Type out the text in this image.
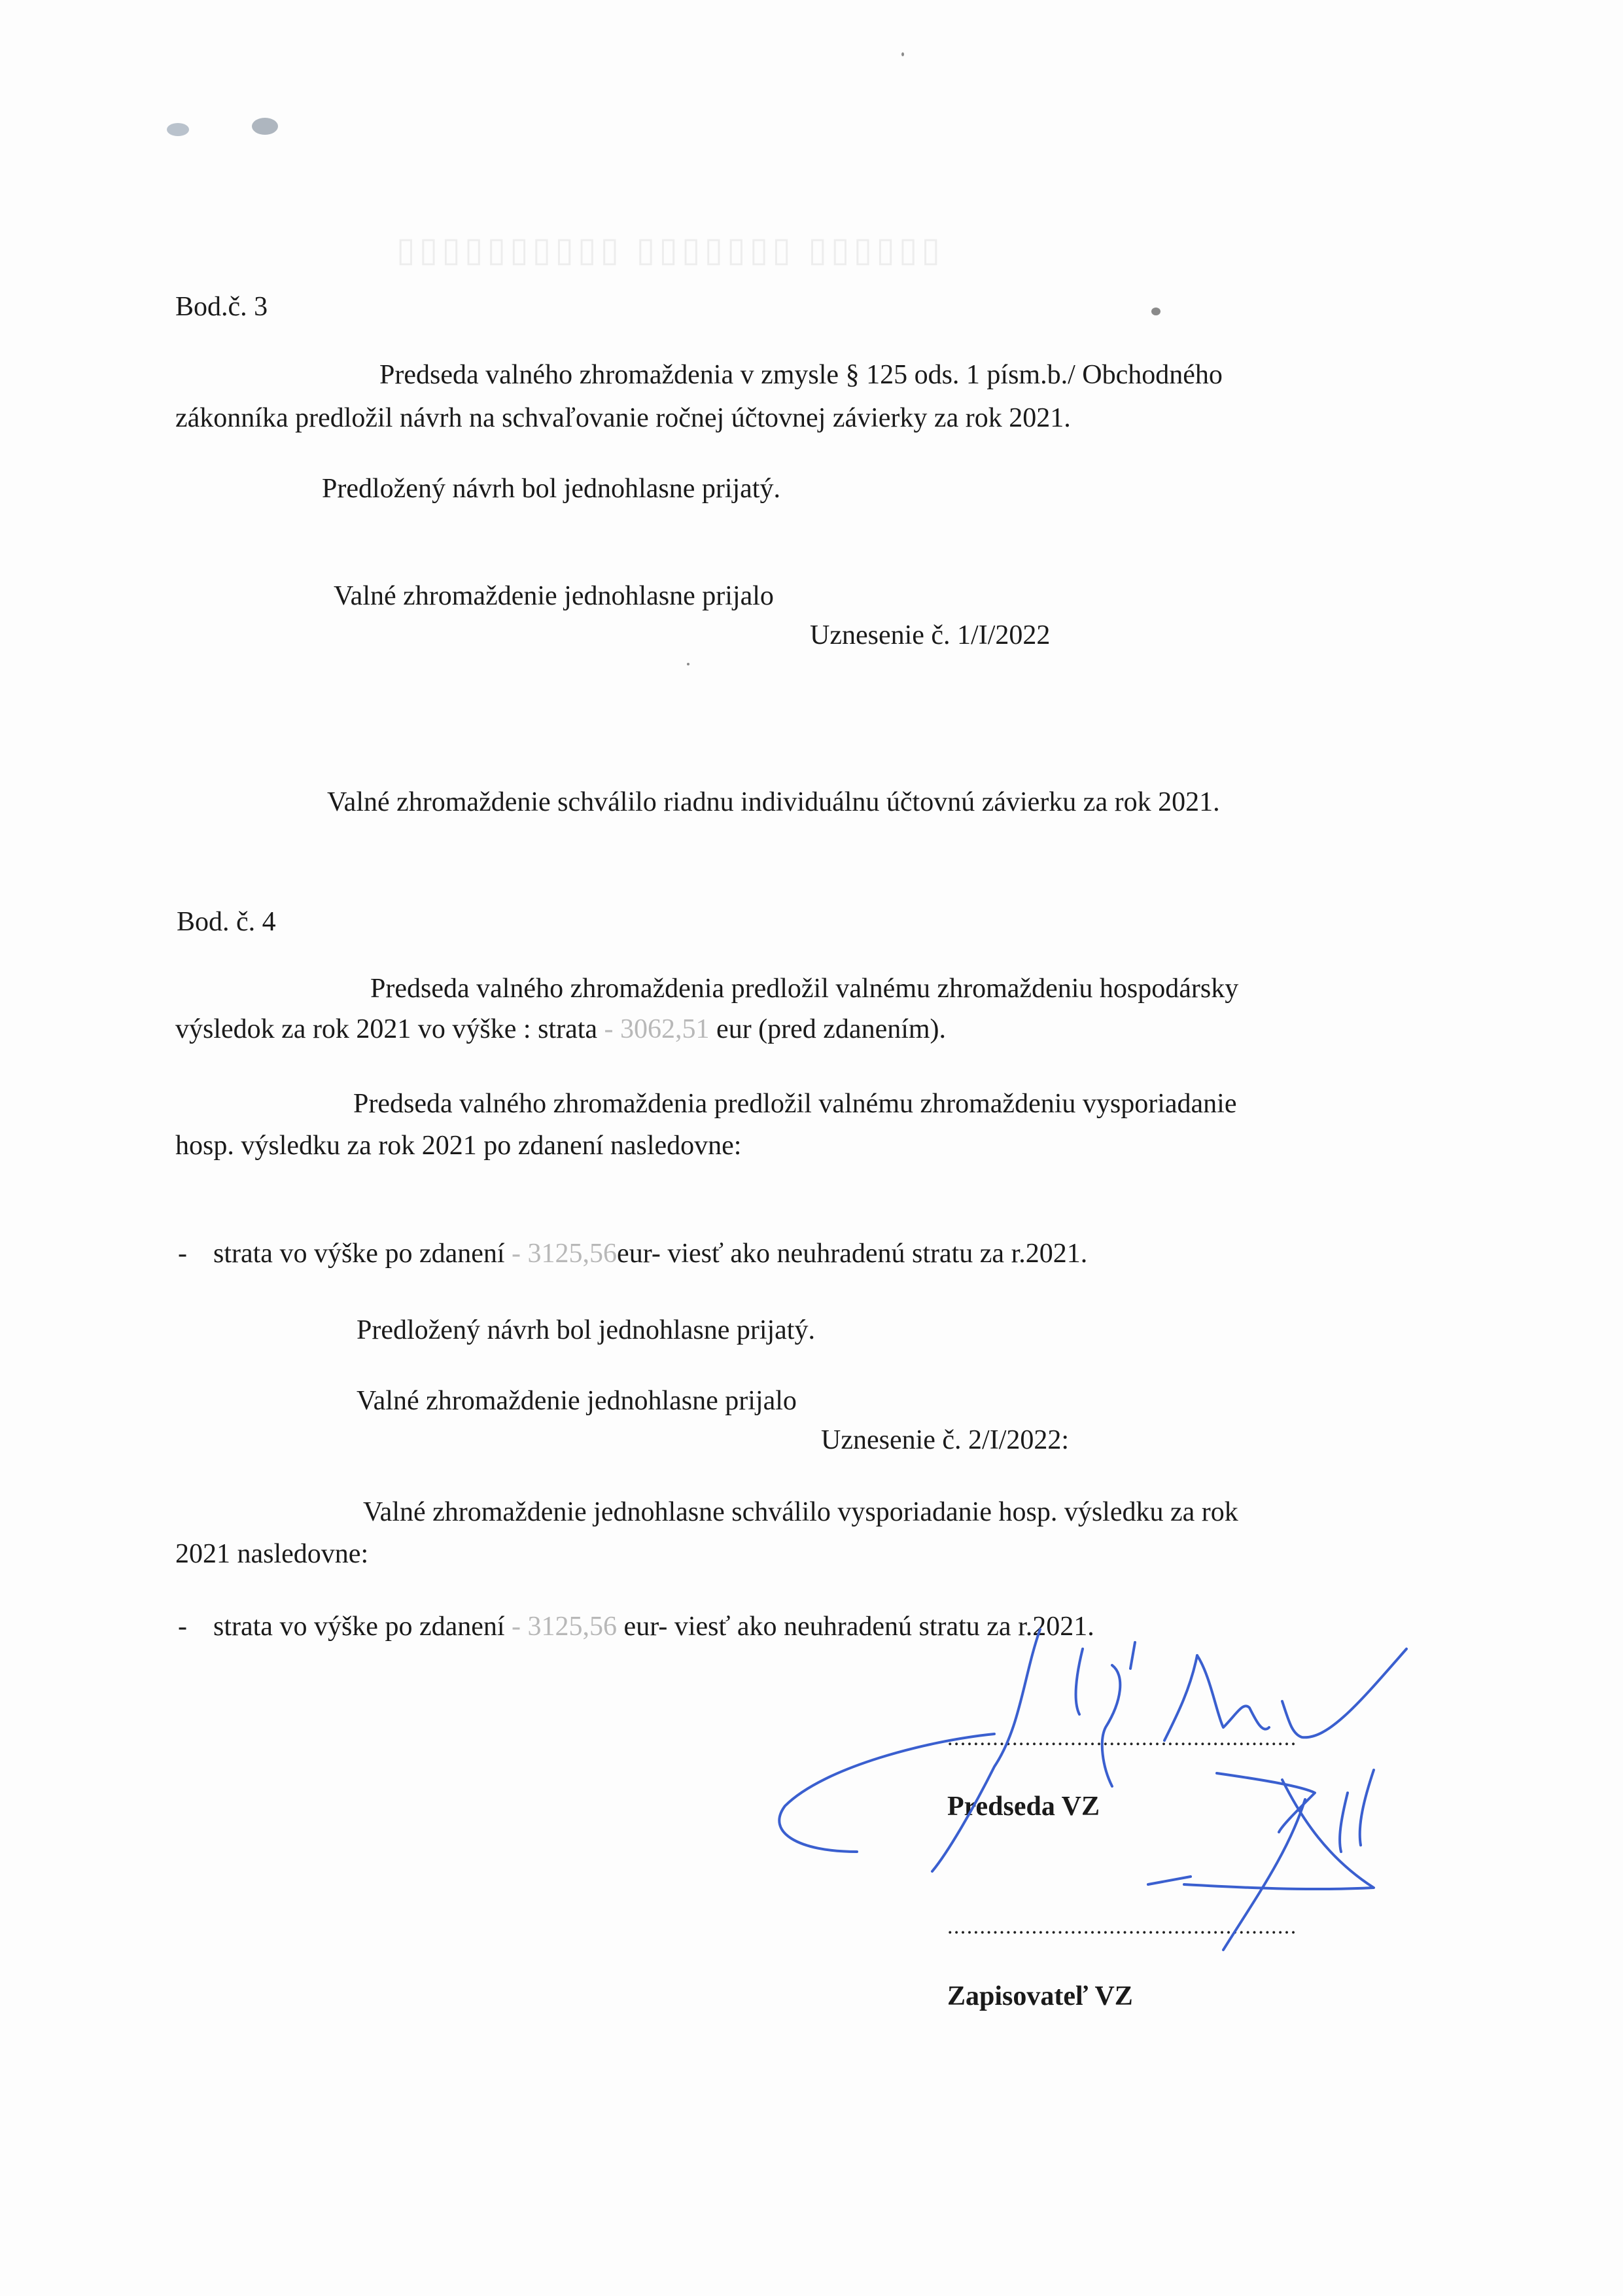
▯▯▯▯▯▯ ▯▯▯▯▯▯▯ ▯▯▯▯▯▯▯▯▯▯
Bod.č. 3
Predseda valného zhromaždenia v zmysle § 125 ods. 1 písm.b./ Obchodného
zákonníka predložil návrh na schvaľovanie ročnej účtovnej závierky za rok 2021.
Predložený návrh bol jednohlasne prijatý.
Valné zhromaždenie jednohlasne prijalo
Uznesenie č. 1/I/2022
Valné zhromaždenie schválilo riadnu individuálnu účtovnú závierku za rok 2021.
Bod. č. 4
Predseda valného zhromaždenia predložil valnému zhromaždeniu hospodársky
výsledok za rok 2021 vo výške : strata - 3062,51 eur (pred zdanením).
Predseda valného zhromaždenia predložil valnému zhromaždeniu vysporiadanie
hosp. výsledku za rok 2021 po zdanení nasledovne:
- strata vo výške po zdanení - 3125,56eur- viesť ako neuhradenú stratu za r.2021.
Predložený návrh bol jednohlasne prijatý.
Valné zhromaždenie jednohlasne prijalo
Uznesenie č. 2/I/2022:
Valné zhromaždenie jednohlasne schválilo vysporiadanie hosp. výsledku za rok
2021 nasledovne:
- strata vo výške po zdanení - 3125,56 eur- viesť ako neuhradenú stratu za r.2021.
......................................................
Predseda VZ
......................................................
Zapisovateľ VZ
